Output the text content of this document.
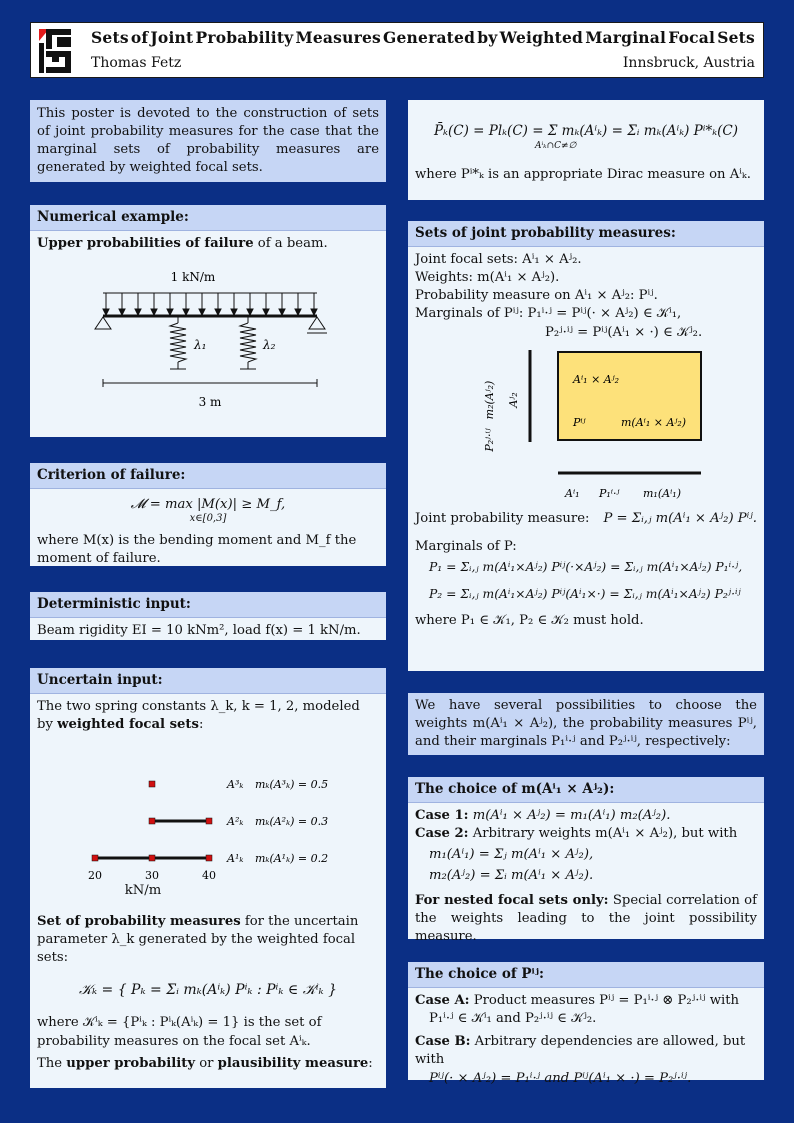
Sets of Joint Probability Measures Generated by Weighted Marginal Focal Sets
Thomas Fetz	Innsbruck, Austria
This poster is devoted to the construction of sets of joint probability measures for the case that the marginal sets of probability measures are generated by weighted focal sets.
Numerical example:
Upper probabilities of failure of a beam.
1 kN/m
λ₁	λ₂
3 m
Criterion of failure:
𝓜 = max |M(x)| ≥ M_f,
x∈[0,3]
where M(x) is the bending moment and M_f the moment of failure.
Deterministic input:
Beam rigidity EI = 10 kNm², load f(x) = 1 kN/m.
Uncertain input:
The two spring constants λ_k, k = 1, 2, modeled by weighted focal sets:
A³ₖ mₖ(A³ₖ) = 0.5
A²ₖ mₖ(A²ₖ) = 0.3
A¹ₖ mₖ(A¹ₖ) = 0.2
20	30	40
kN/m
Set of probability measures for the uncertain parameter λ_k generated by the weighted focal sets:
𝒦ₖ = { Pₖ = Σᵢ mₖ(Aⁱₖ) Pⁱₖ : Pⁱₖ ∈ 𝒦ⁱₖ }
where 𝒦ⁱₖ = {Pⁱₖ : Pⁱₖ(Aⁱₖ) = 1} is the set of probability measures on the focal set Aⁱₖ.
The upper probability or plausibility measure:
P̄ₖ(C) = Plₖ(C) = Σ mₖ(Aⁱₖ) = Σᵢ mₖ(Aⁱₖ) Pⁱ*ₖ(C)
Aⁱₖ∩C≠∅
where Pⁱ*ₖ is an appropriate Dirac measure on Aⁱₖ.
Sets of joint probability measures:
Joint focal sets: Aⁱ₁ × Aʲ₂.
Weights: m(Aⁱ₁ × Aʲ₂).
Probability measure on Aⁱ₁ × Aʲ₂: Pⁱʲ.
Marginals of Pⁱʲ: P₁ⁱ·ʲ = Pⁱʲ(· × Aʲ₂) ∈ 𝒦ⁱ₁,
P₂ʲ·ⁱʲ = Pⁱʲ(Aⁱ₁ × ·) ∈ 𝒦ʲ₂.
m₂(Aʲ₂) Aʲ₂
P₂ʲ·ⁱʲ
Aⁱ₁ × Aʲ₂
Pⁱʲ	m(Aⁱ₁ × Aʲ₂)
Aⁱ₁ P₁ⁱ·ʲ m₁(Aⁱ₁)
Joint probability measure: P = Σᵢ,ⱼ m(Aⁱ₁ × Aʲ₂) Pⁱʲ.
Marginals of P:
P₁ = Σᵢ,ⱼ m(Aⁱ₁×Aʲ₂) Pⁱʲ(·×Aʲ₂) = Σᵢ,ⱼ m(Aⁱ₁×Aʲ₂) P₁ⁱ·ʲ,
P₂ = Σᵢ,ⱼ m(Aⁱ₁×Aʲ₂) Pⁱʲ(Aⁱ₁×·) = Σᵢ,ⱼ m(Aⁱ₁×Aʲ₂) P₂ʲ·ⁱʲ
where P₁ ∈ 𝒦₁, P₂ ∈ 𝒦₂ must hold.
We have several possibilities to choose the weights m(Aⁱ₁ × Aʲ₂), the probability measures Pⁱʲ, and their marginals P₁ⁱ·ʲ and P₂ʲ·ⁱʲ, respectively:
The choice of m(Aⁱ₁ × Aʲ₂):
Case 1: m(Aⁱ₁ × Aʲ₂) = m₁(Aⁱ₁) m₂(Aʲ₂).
Case 2: Arbitrary weights m(Aⁱ₁ × Aʲ₂), but with
m₁(Aⁱ₁) = Σⱼ m(Aⁱ₁ × Aʲ₂),
m₂(Aʲ₂) = Σᵢ m(Aⁱ₁ × Aʲ₂).
For nested focal sets only: Special correlation of the weights leading to the joint possibility measure.
The choice of Pⁱʲ:
Case A: Product measures Pⁱʲ = P₁ⁱ·ʲ ⊗ P₂ʲ·ⁱʲ with
P₁ⁱ·ʲ ∈ 𝒦ⁱ₁ and P₂ʲ·ⁱʲ ∈ 𝒦ʲ₂.
Case B: Arbitrary dependencies are allowed, but with
Pⁱʲ(· × Aʲ₂) = P₁ⁱ·ʲ and Pⁱʲ(Aⁱ₁ × ·) = P₂ʲ·ⁱʲ.
